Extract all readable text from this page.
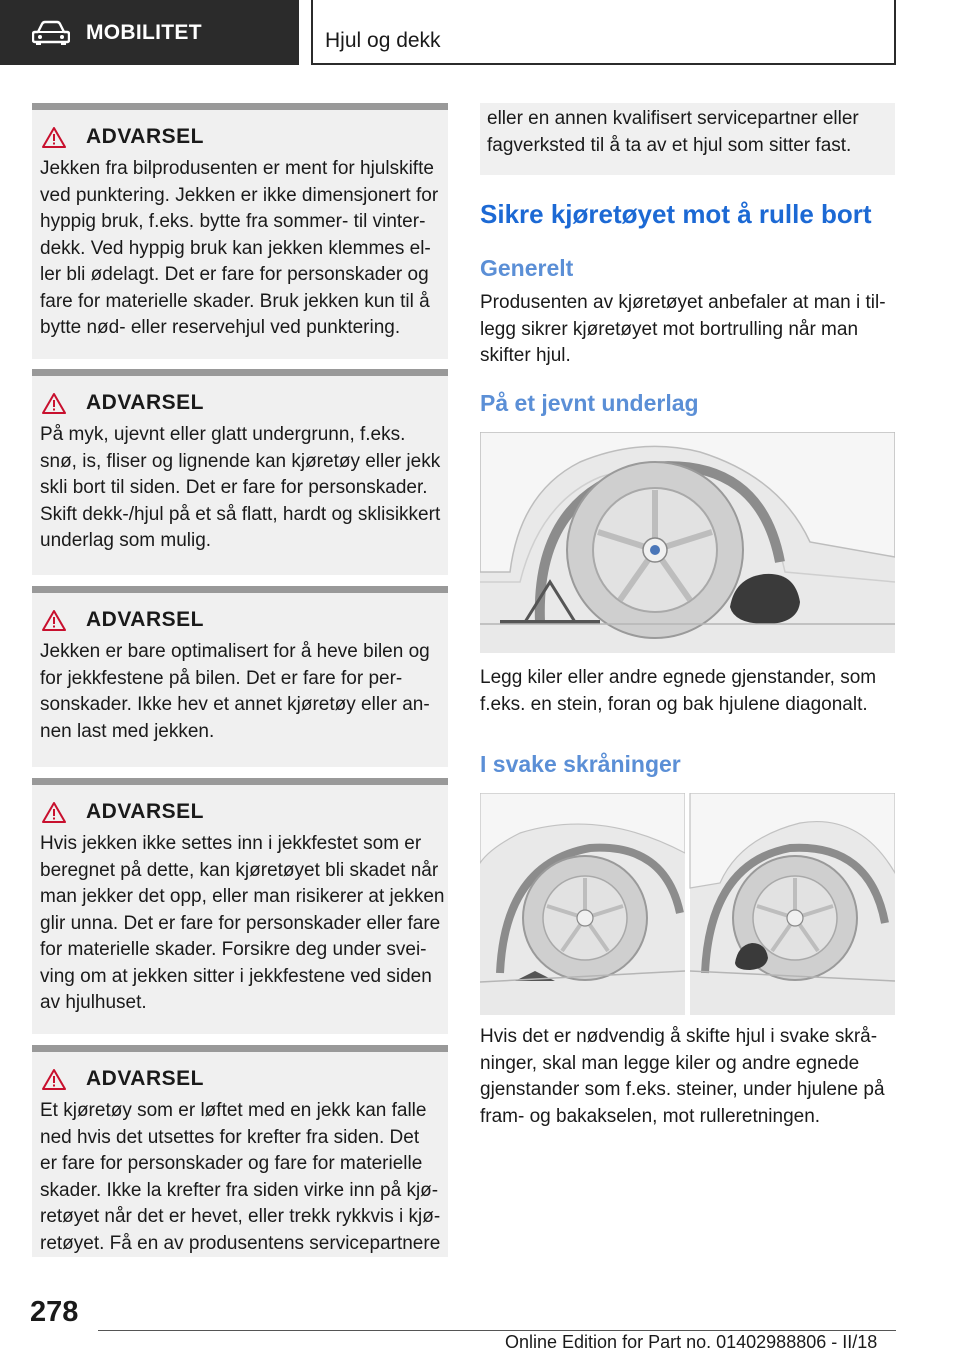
MOBILITET	Hjul og dekk
ADVARSEL
Jekken fra bilprodusenten er ment for hjulskifte
ved punktering. Jekken er ikke dimensjonert for
hyppig bruk, f.eks. bytte fra sommer- til vinter-
dekk. Ved hyppig bruk kan jekken klemmes el-
ler bli ødelagt. Det er fare for personskader og
fare for materielle skader. Bruk jekken kun til å
bytte nød- eller reservehjul ved punktering.
ADVARSEL
På myk, ujevnt eller glatt undergrunn, f.eks.
snø, is, fliser og lignende kan kjøretøy eller jekk
skli bort til siden. Det er fare for personskader.
Skift dekk-/hjul på et så flatt, hardt og sklisikkert
underlag som mulig.
ADVARSEL
Jekken er bare optimalisert for å heve bilen og
for jekkfestene på bilen. Det er fare for per-
sonskader. Ikke hev et annet kjøretøy eller an-
nen last med jekken.
ADVARSEL
Hvis jekken ikke settes inn i jekkfestet som er
beregnet på dette, kan kjøretøyet bli skadet når
man jekker det opp, eller man risikerer at jekken
glir unna. Det er fare for personskader eller fare
for materielle skader. Forsikre deg under svei-
ving om at jekken sitter i jekkfestene ved siden
av hjulhuset.
ADVARSEL
Et kjøretøy som er løftet med en jekk kan falle
ned hvis det utsettes for krefter fra siden. Det
er fare for personskader og fare for materielle
skader. Ikke la krefter fra siden virke inn på kjø-
retøyet når det er hevet, eller trekk rykkvis i kjø-
retøyet. Få en av produsentens servicepartnere
eller en annen kvalifisert servicepartner eller
fagverksted til å ta av et hjul som sitter fast.
Sikre kjøretøyet mot å rulle bort
Generelt
Produsenten av kjøretøyet anbefaler at man i til-
legg sikrer kjøretøyet mot bortrulling når man
skifter hjul.
På et jevnt underlag
Legg kiler eller andre egnede gjenstander, som
f.eks. en stein, foran og bak hjulene diagonalt.
I svake skråninger
Hvis det er nødvendig å skifte hjul i svake skrå-
ninger, skal man legge kiler og andre egnede
gjenstander som f.eks. steiner, under hjulene på
fram- og bakakselen, mot rulleretningen.
278
Online Edition for Part no. 01402988806 - II/18
